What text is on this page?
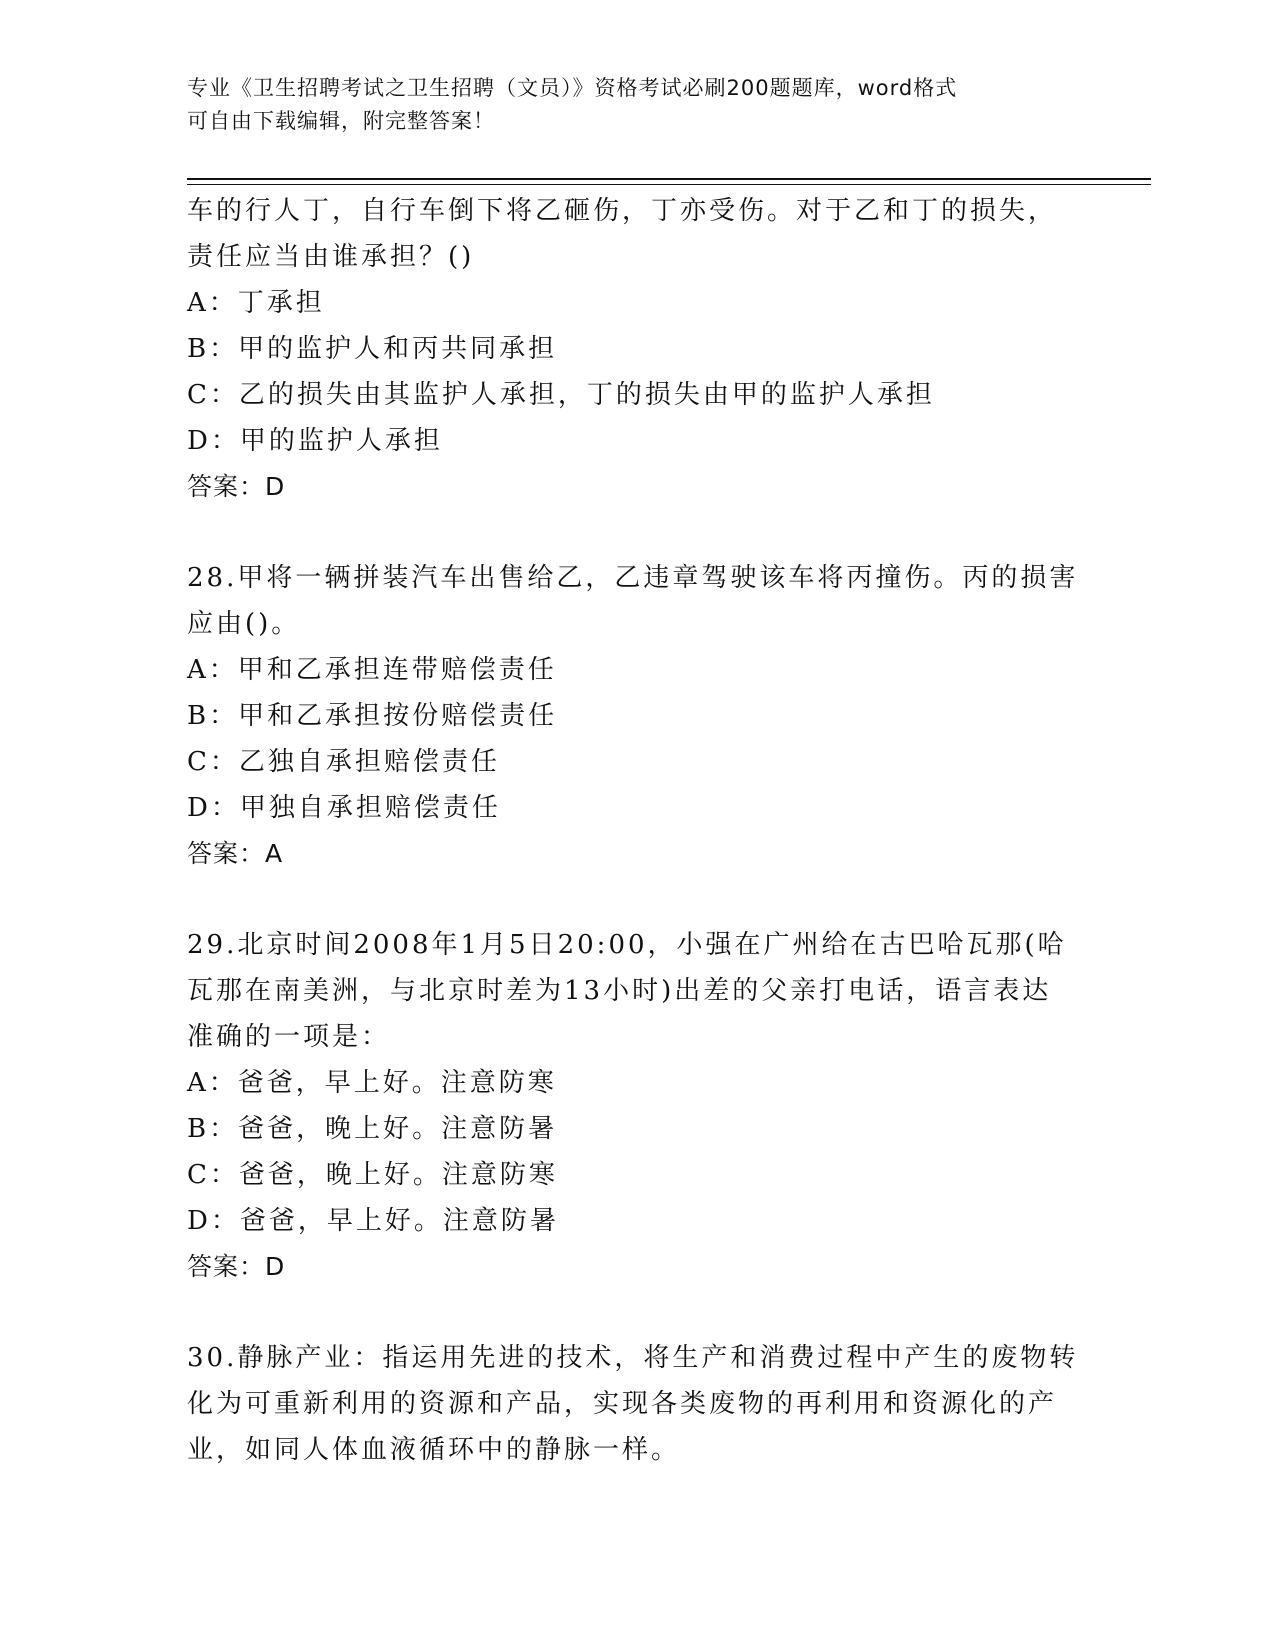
专业《卫生招聘考试之卫生招聘（文员）》资格考试必刷200题题库，word格式
可自由下载编辑，附完整答案！
车的行人丁，自行车倒下将乙砸伤，丁亦受伤。对于乙和丁的损失，
责任应当由谁承担？()
A：丁承担
B：甲的监护人和丙共同承担
C：乙的损失由其监护人承担，丁的损失由甲的监护人承担
D：甲的监护人承担
答案：D
28.甲将一辆拼装汽车出售给乙，乙违章驾驶该车将丙撞伤。丙的损害
应由()。
A：甲和乙承担连带赔偿责任
B：甲和乙承担按份赔偿责任
C：乙独自承担赔偿责任
D：甲独自承担赔偿责任
答案：A
29.北京时间2008年1月5日20:00，小强在广州给在古巴哈瓦那(哈
瓦那在南美洲，与北京时差为13小时)出差的父亲打电话，语言表达
准确的一项是：
A：爸爸，早上好。注意防寒
B：爸爸，晚上好。注意防暑
C：爸爸，晚上好。注意防寒
D：爸爸，早上好。注意防暑
答案：D
30.静脉产业：指运用先进的技术，将生产和消费过程中产生的废物转
化为可重新利用的资源和产品，实现各类废物的再利用和资源化的产
业，如同人体血液循环中的静脉一样。
